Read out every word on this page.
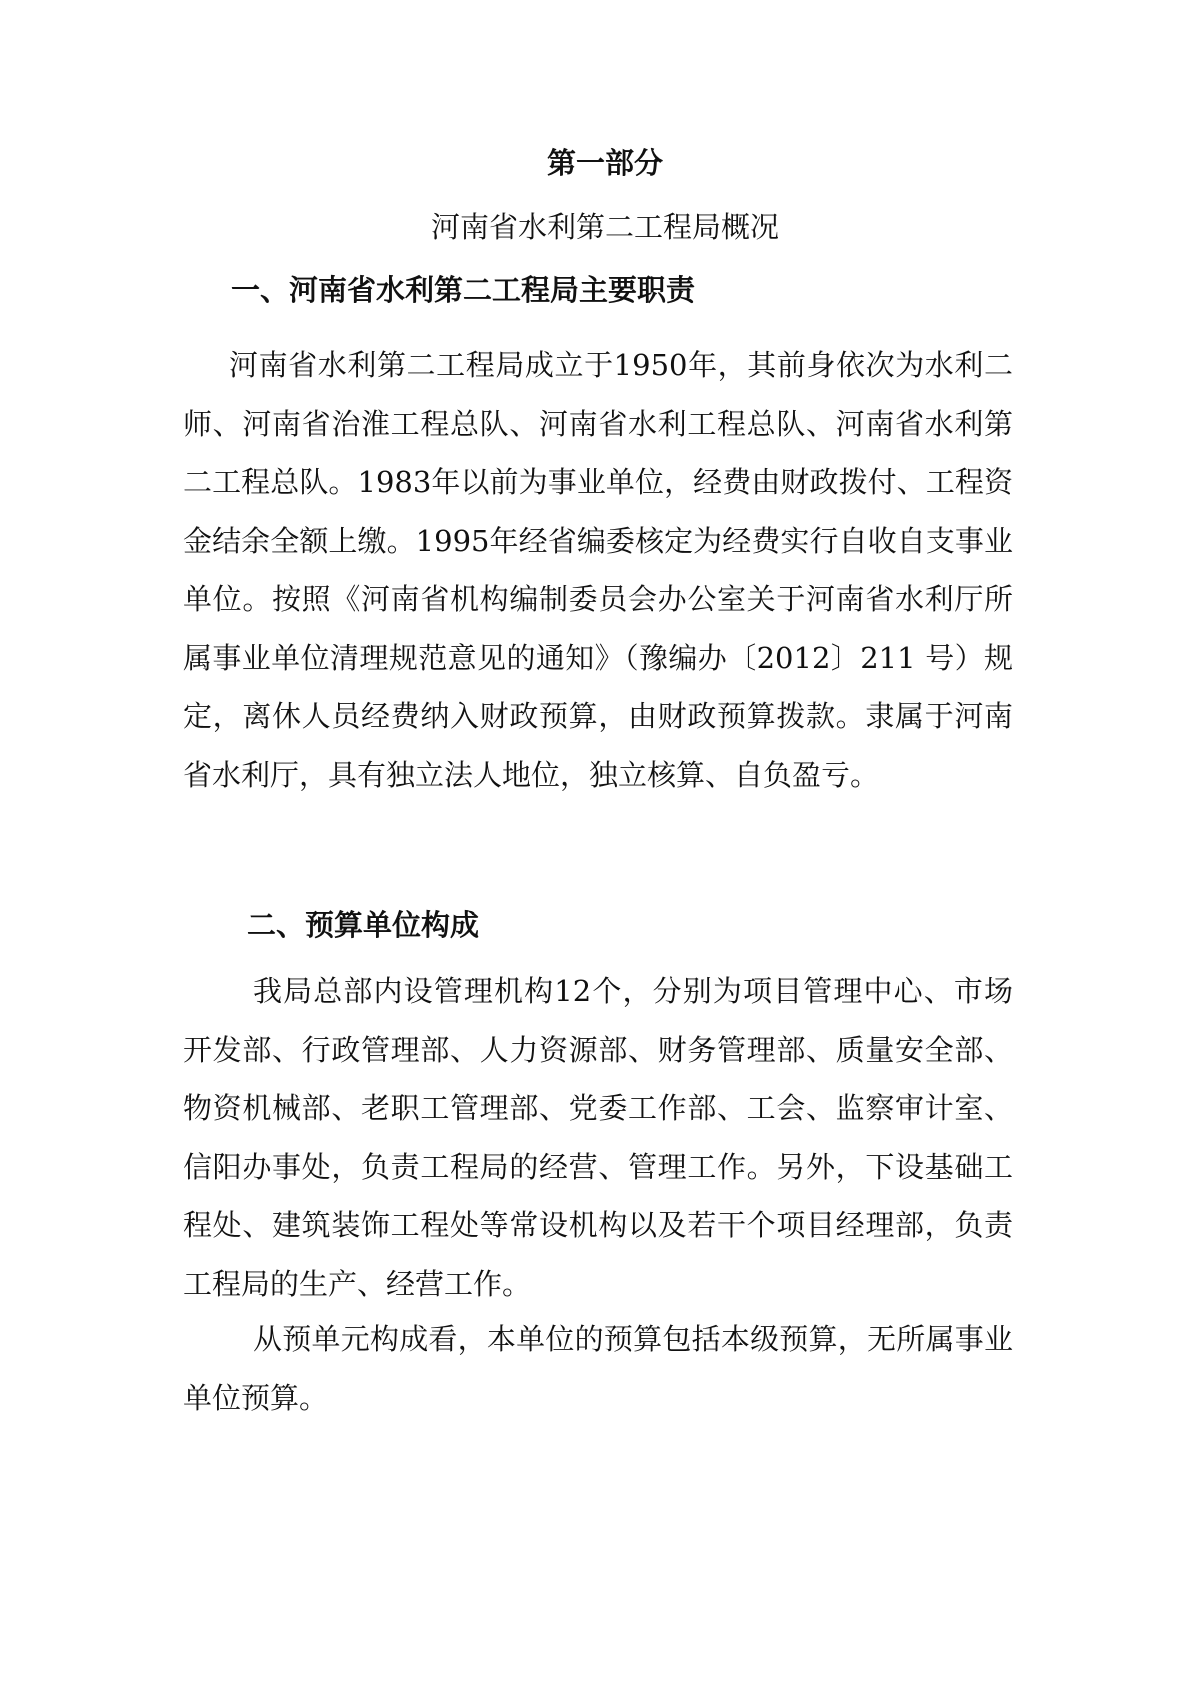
第一部分
河南省水利第二工程局概况
一、河南省水利第二工程局主要职责

河南省水利第二工程局成立于1950年，其前身依次为水利二师、河南省治淮工程总队、河南省水利工程总队、河南省水利第二工程总队。1983年以前为事业单位，经费由财政拨付、工程资金结余全额上缴。1995年经省编委核定为经费实行自收自支事业单位。按照《河南省机构编制委员会办公室关于河南省水利厅所属事业单位清理规范意见的通知》（豫编办〔2012〕211 号）规定，离休人员经费纳入财政预算，由财政预算拨款。隶属于河南省水利厅，具有独立法人地位，独立核算、自负盈亏。

二、预算单位构成

我局总部内设管理机构12个，分别为项目管理中心、市场开发部、行政管理部、人力资源部、财务管理部、质量安全部、物资机械部、老职工管理部、党委工作部、工会、监察审计室、信阳办事处，负责工程局的经营、管理工作。另外，下设基础工程处、建筑装饰工程处等常设机构以及若干个项目经理部，负责工程局的生产、经营工作。

从预单元构成看，本单位的预算包括本级预算，无所属事业单位预算。
